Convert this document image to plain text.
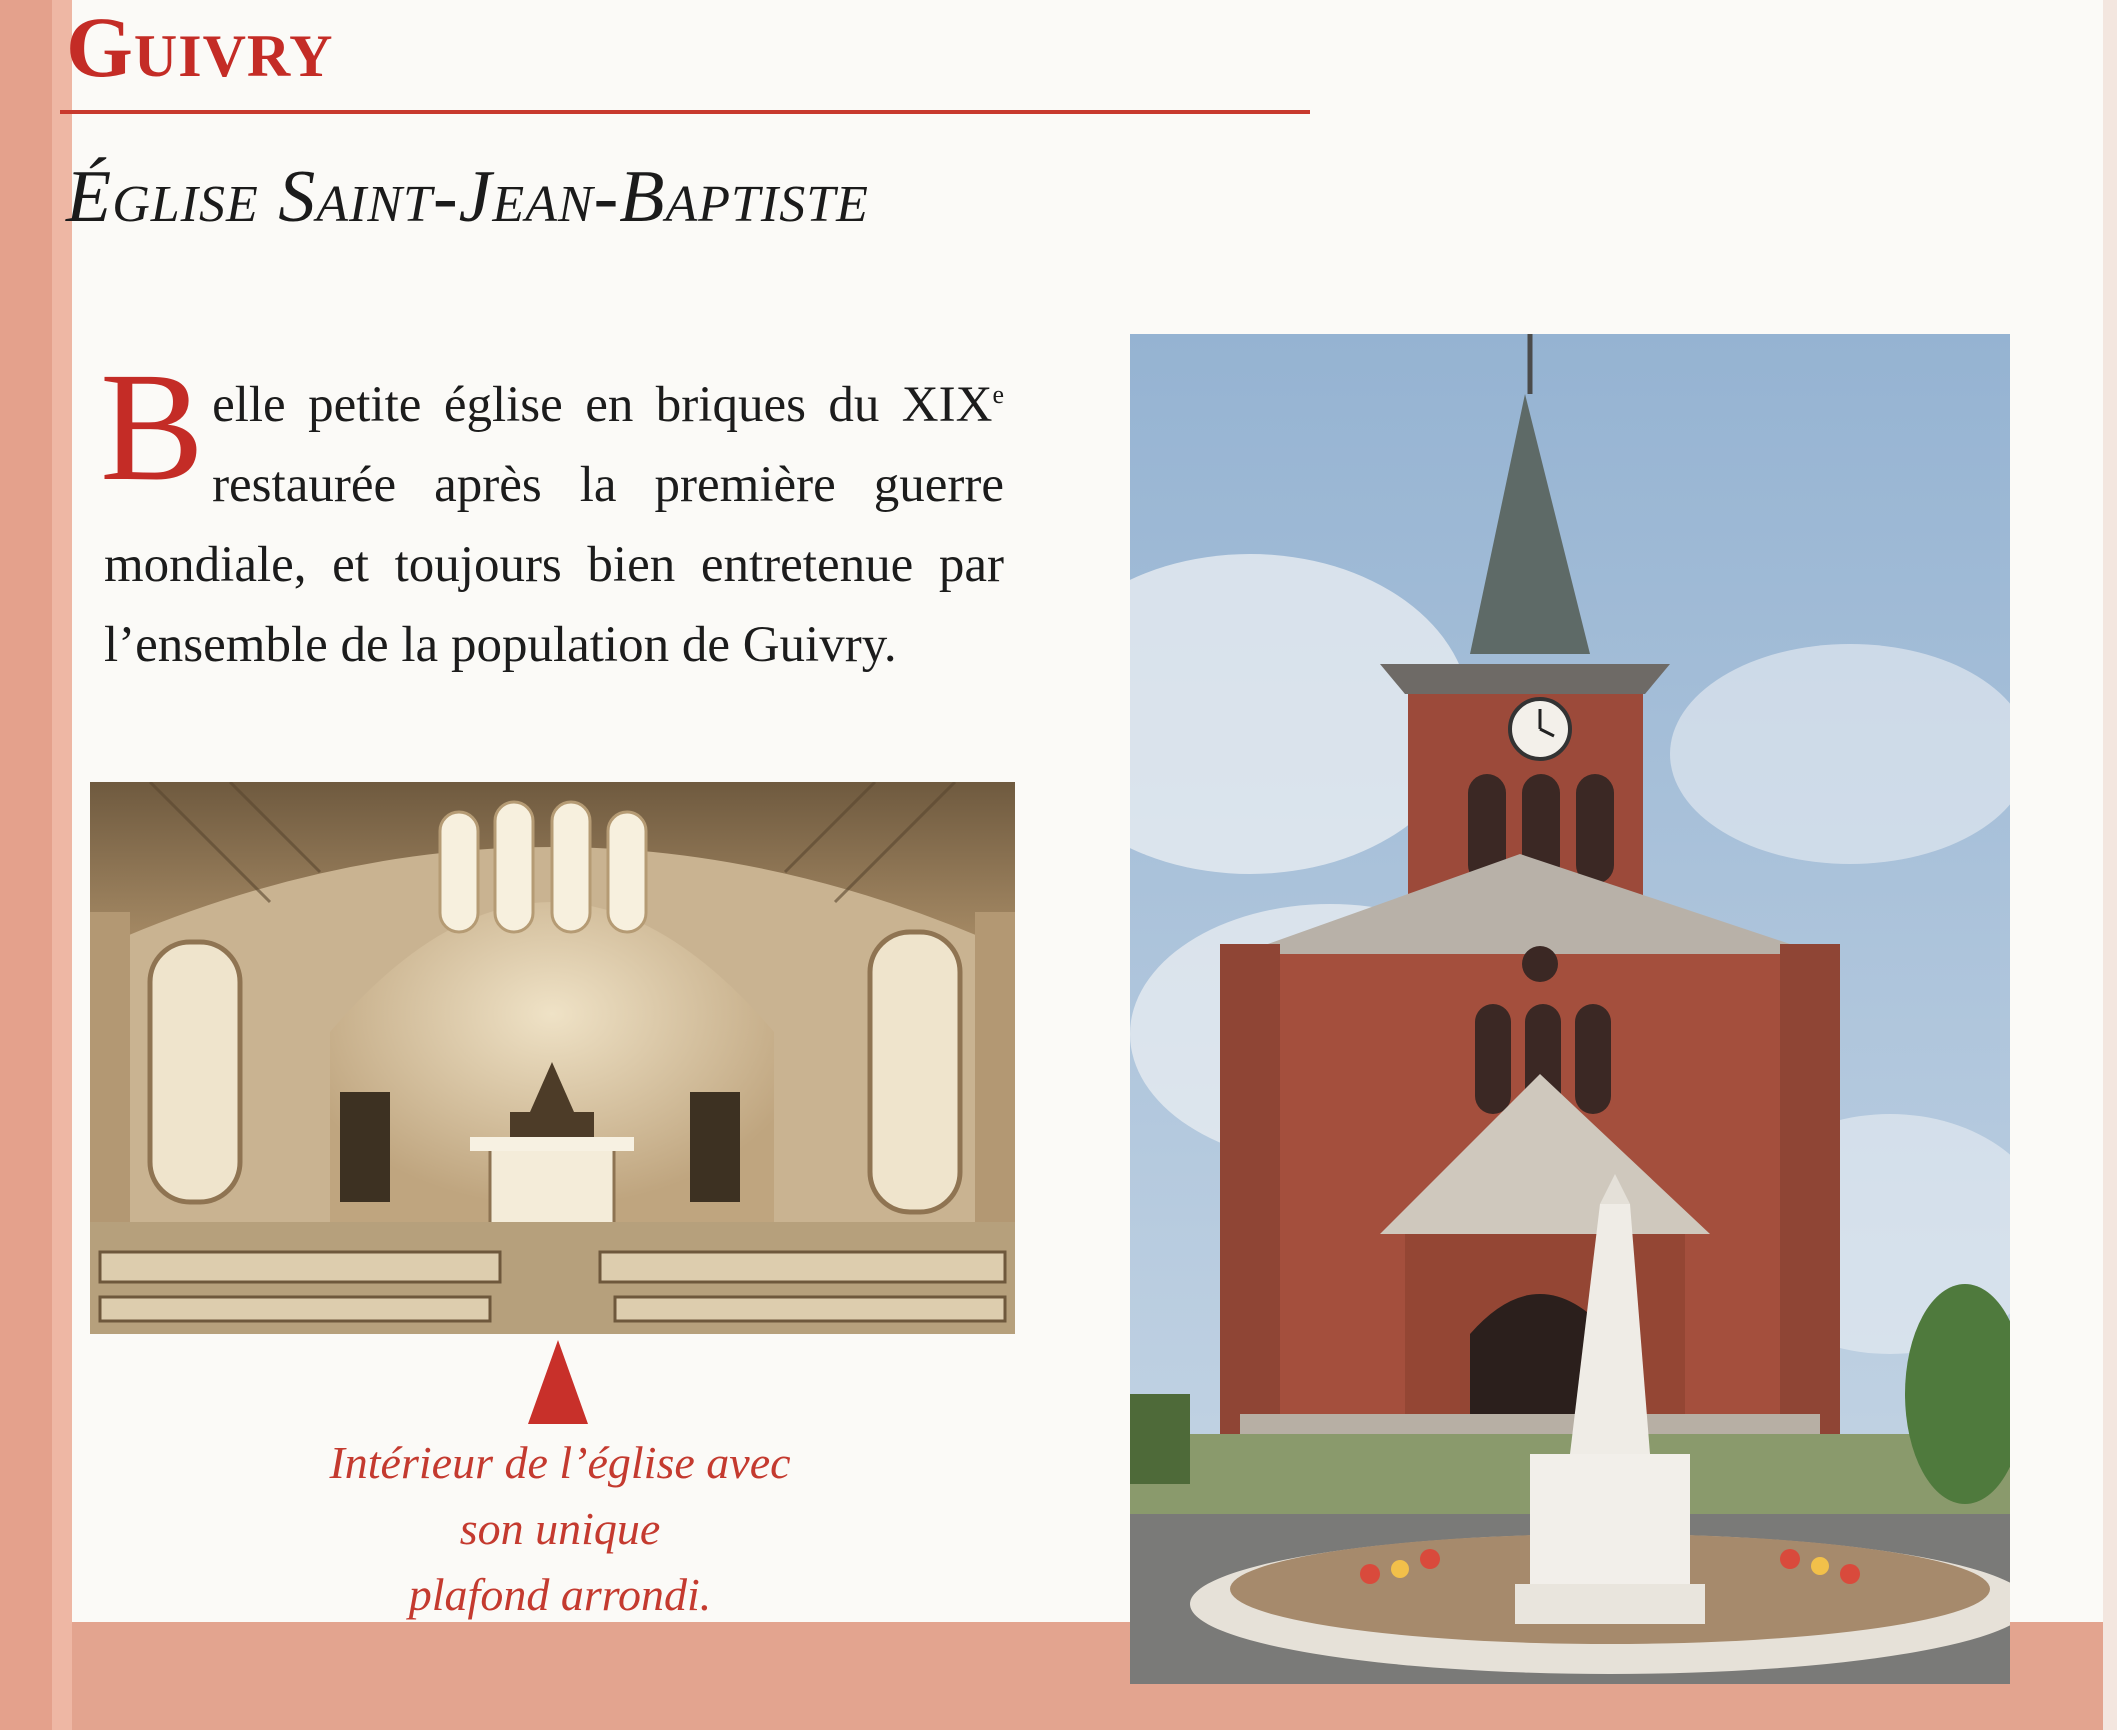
Guivry
Église Saint-Jean-Baptiste

Belle petite église en briques du XIXe restaurée après la première guerre mondiale, et toujours bien entretenue par l’ensemble de la population de Guivry.

Intérieur de l’église avec
son unique
plafond arrondi.
